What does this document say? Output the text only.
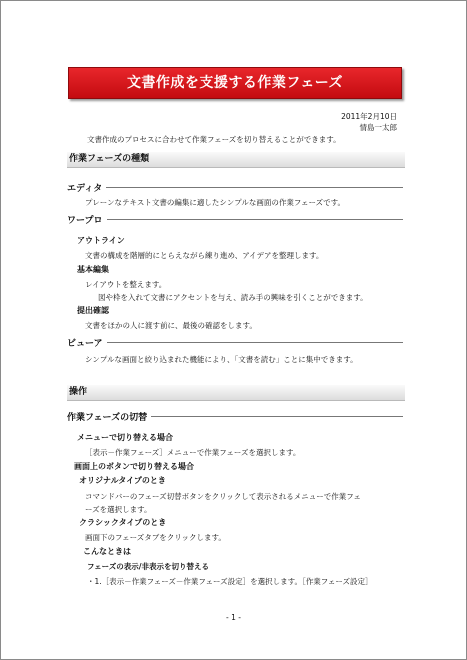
文書作成を支援する作業フェーズ
2011年2月10日
情島一太郎
文書作成のプロセスに合わせて作業フェーズを切り替えることができます。
作業フェーズの種類
エディタ
プレーンなテキスト文書の編集に適したシンプルな画面の作業フェーズです。
ワープロ
アウトライン
文書の構成を階層的にとらえながら練り進め、アイデアを整理します。
基本編集
レイアウトを整えます。
図や枠を入れて文書にアクセントを与え、読み手の興味を引くことができます。
提出確認
文書をほかの人に渡す前に、最後の確認をします。
ビューア
シンプルな画面と絞り込まれた機能により、「文書を読む」ことに集中できます。
操作
作業フェーズの切替
メニューで切り替える場合
［表示－作業フェーズ］メニューで作業フェーズを選択します。
画面上のボタンで切り替える場合
オリジナルタイプのとき
コマンドバーのフェーズ切替ボタンをクリックして表示されるメニューで作業フェ
ーズを選択します。
クラシックタイプのとき
画面下のフェーズタブをクリックします。
こんなときは
フェーズの表示/非表示を切り替える
・1.［表示－作業フェーズ－作業フェーズ設定］を選択します。［作業フェーズ設定］
- 1 -
